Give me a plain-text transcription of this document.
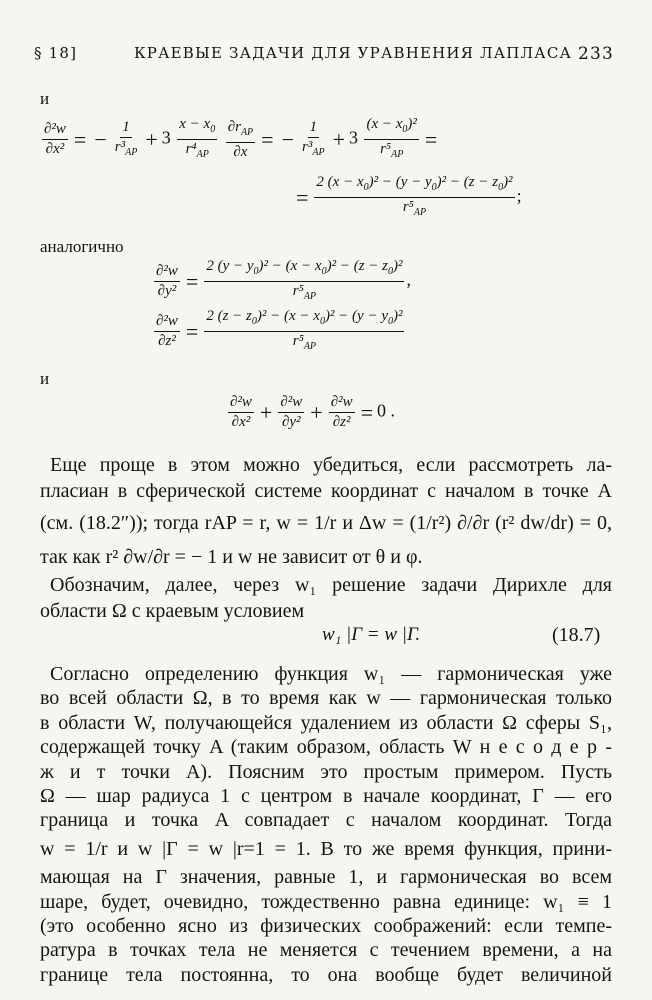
§ 18]	КРАЕВЫЕ ЗАДАЧИ ДЛЯ УРАВНЕНИЯ ЛАПЛАСА 233
и
$\frac{\text{∂²w}}{\text{∂x²}}$ = − $\frac{1}{r^3_{AP}} + 3 \frac{x - x_0}{r^4_{AP}}$
$\frac{\partial r_{AP}}{\partial x}$ = − $\frac{1}{r^3_{AP}} + 3 \frac{(x - x_0)^2}{r^5_{AP}}$ =
= $\frac{2 (x - x_0)^2 - (y - y_0)^2 - (z - z_0)^2}{r^5_{AP}}$ ;
аналогично
$\frac{\text{∂²w}}{\text{∂y²}} = \frac{2 (y - y_0)^2 - (x - x_0)^2 - (z - z_0)^2}{r^5_{AP}}$ ,
$\frac{\text{∂²w}}{\text{∂z²}} = \frac{2 (z - z_0)^2 - (x - x_0)^2 - (y - y_0)^2}{r^5_{AP}}$
и
$\frac{\text{∂²w}}{\text{∂x²}} + \frac{\text{∂²w}}{\text{∂y²}} + \frac{\text{∂²w}}{\text{∂z²}} = 0$ .
Еще проще в этом можно убедиться, если рассмотреть ла-
пласиан в сферической системе координат с началом в точке A
(см. (18.2″)); тогда rAP = r, w = 1/r и Δw = (1/r²) ∂/∂r (r² dw/dr) = 0,
так как r² ∂w/∂r = − 1 и w не зависит от θ и φ.
Обозначим, далее, через w₁ решение задачи Дирихле для
области Ω с краевым условием
w₁ |Γ = w |Γ.	(18.7)
Согласно определению функция w₁ — гармоническая уже
во всей области Ω, в то время как w — гармоническая только
в области W, получающейся удалением из области Ω сферы S₁,
содержащей точку A (таким образом, область W н е с о д е р -
ж и т точки A). Поясним это простым примером. Пусть
Ω — шар радиуса 1 с центром в начале координат, Γ — его
граница и точка A совпадает с началом координат. Тогда
w = 1/r и w |Γ = w |r=1 = 1. В то же время функция, прини-
мающая на Γ значения, равные 1, и гармоническая во всем
шаре, будет, очевидно, тождественно равна единице: w₁ ≡ 1
(это особенно ясно из физических соображений: если темпе-
ратура в точках тела не меняется с течением времени, а на
границе тела постоянна, то она вообще будет величиной
